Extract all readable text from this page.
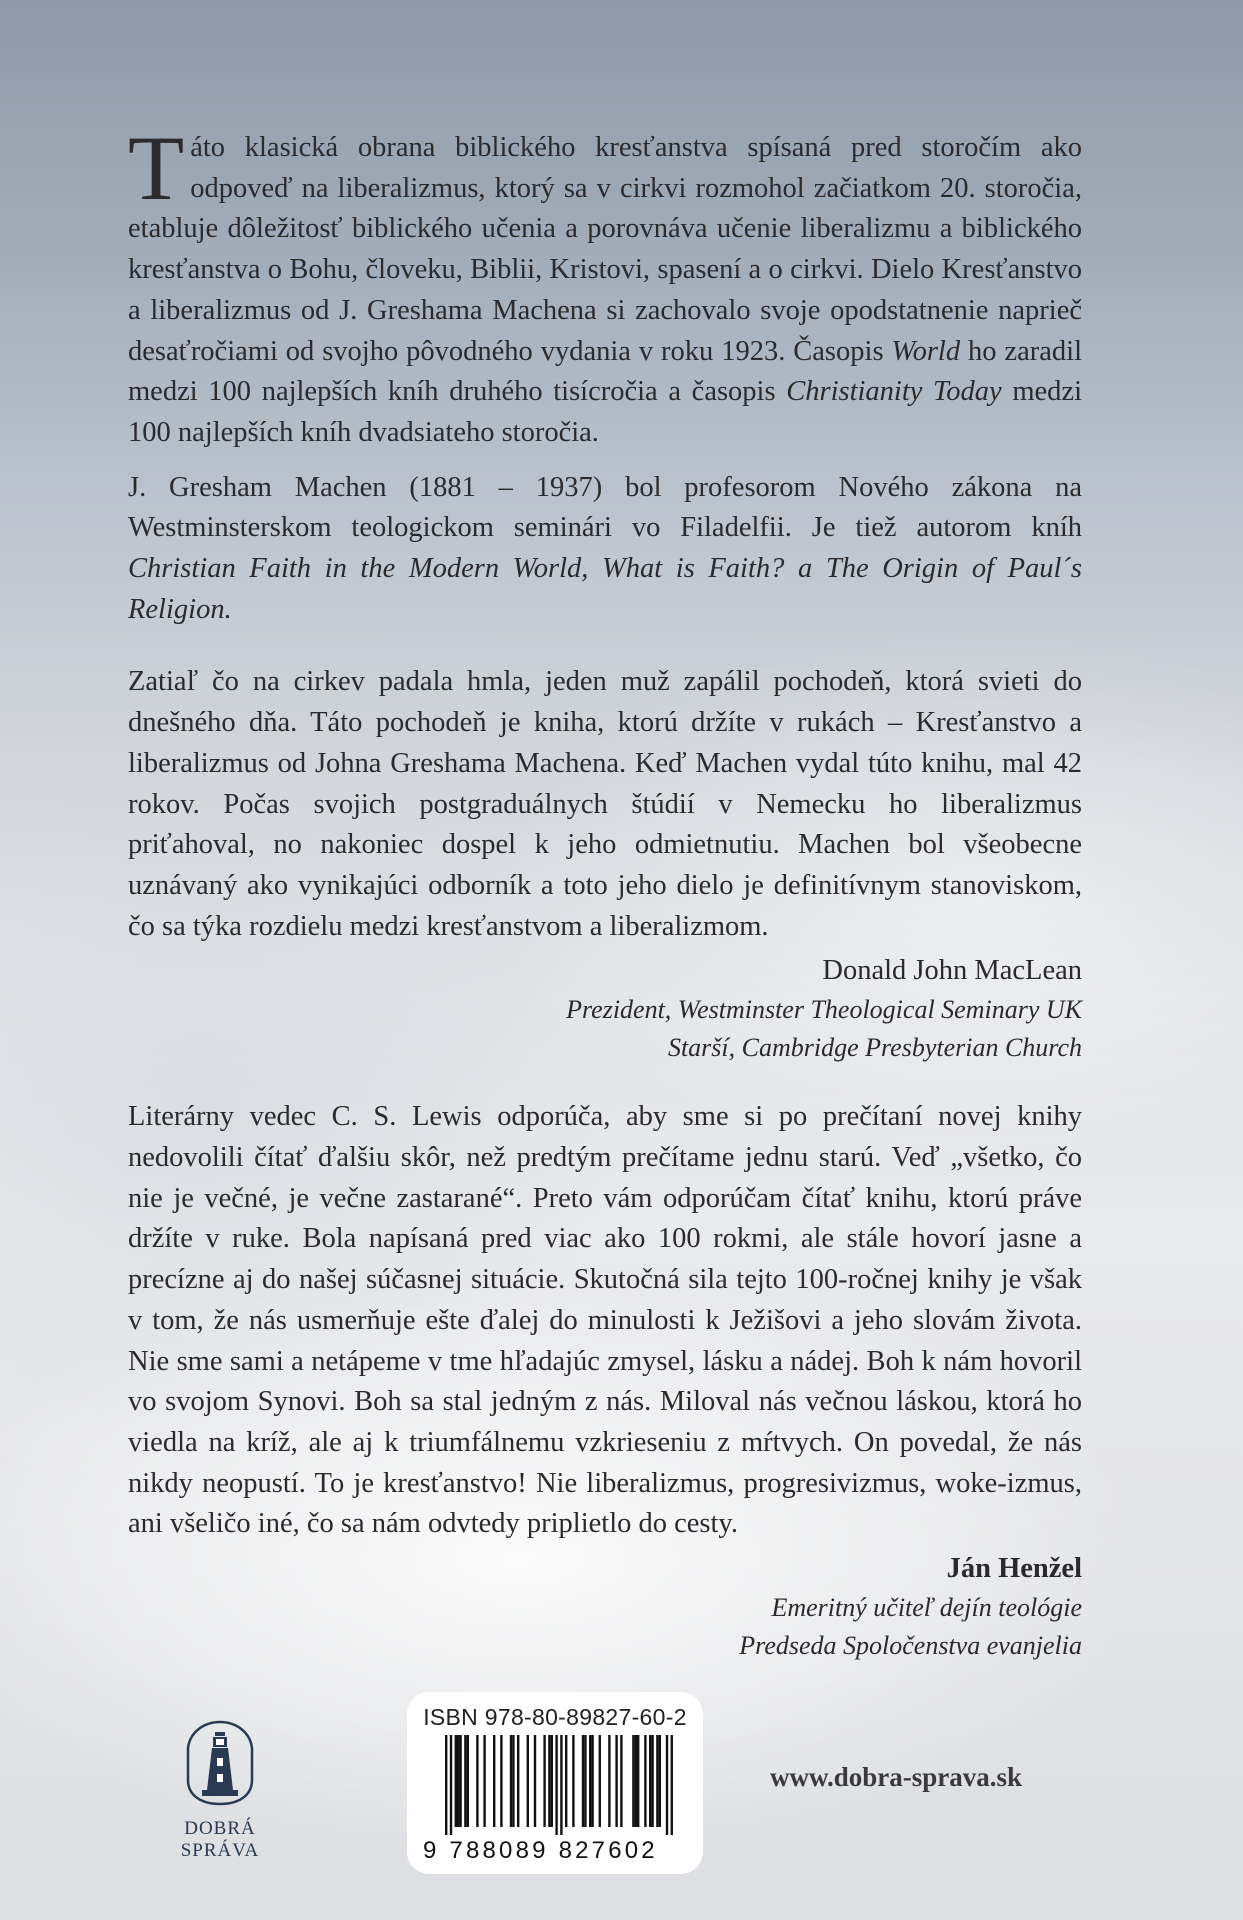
Táto klasická obrana biblického kresťanstva spísaná pred storočím ako odpoveď na liberalizmus, ktorý sa v cirkvi rozmohol začiatkom 20. storočia, etabluje dôležitosť biblického učenia a porovnáva učenie liberalizmu a biblického kresťanstva o Bohu, človeku, Biblii, Kristovi, spasení a o cirkvi. Dielo Kresťanstvo a liberalizmus od J. Greshama Machena si zachovalo svoje opodstatnenie naprieč desaťročiami od svojho pôvodného vydania v roku 1923. Časopis World ho zaradil medzi 100 najlepších kníh druhého tisícročia a časopis Christianity Today medzi 100 najlepších kníh dvadsiateho storočia.

J. Gresham Machen (1881 – 1937) bol profesorom Nového zákona na Westminsterskom teologickom seminári vo Filadelfii. Je tiež autorom kníh Christian Faith in the Modern World, What is Faith? a The Origin of Paul´s Religion.

Zatiaľ čo na cirkev padala hmla, jeden muž zapálil pochodeň, ktorá svieti do dnešného dňa. Táto pochodeň je kniha, ktorú držíte v rukách – Kresťanstvo a liberalizmus od Johna Greshama Machena. Keď Machen vydal túto knihu, mal 42 rokov. Počas svojich postgraduálnych štúdií v Nemecku ho liberalizmus priťahoval, no nakoniec dospel k jeho odmietnutiu. Machen bol všeobecne uznávaný ako vynikajúci odborník a toto jeho dielo je definitívnym stanoviskom, čo sa týka rozdielu medzi kresťanstvom a liberalizmom.

Donald John MacLean
Prezident, Westminster Theological Seminary UK
Starší, Cambridge Presbyterian Church

Literárny vedec C. S. Lewis odporúča, aby sme si po prečítaní novej knihy nedovolili čítať ďalšiu skôr, než predtým prečítame jednu starú. Veď „všetko, čo nie je večné, je večne zastarané“. Preto vám odporúčam čítať knihu, ktorú práve držíte v ruke. Bola napísaná pred viac ako 100 rokmi, ale stále hovorí jasne a precízne aj do našej súčasnej situácie. Skutočná sila tejto 100-ročnej knihy je však v tom, že nás usmerňuje ešte ďalej do minulosti k Ježišovi a jeho slovám života. Nie sme sami a netápeme v tme hľadajúc zmysel, lásku a nádej. Boh k nám hovoril vo svojom Synovi. Boh sa stal jedným z nás. Miloval nás večnou láskou, ktorá ho viedla na kríž, ale aj k triumfálnemu vzkrieseniu z mŕtvych. On povedal, že nás nikdy neopustí. To je kresťanstvo! Nie liberalizmus, progresivizmus, woke-izmus, ani všeličo iné, čo sa nám odvtedy priplietlo do cesty.

Ján Henžel
Emeritný učiteľ dejín teológie
Predseda Spoločenstva evanjelia
DOBRÁ SPRÁVA
ISBN 978-80-89827-60-2
9 788089 827602
www.dobra-sprava.sk
